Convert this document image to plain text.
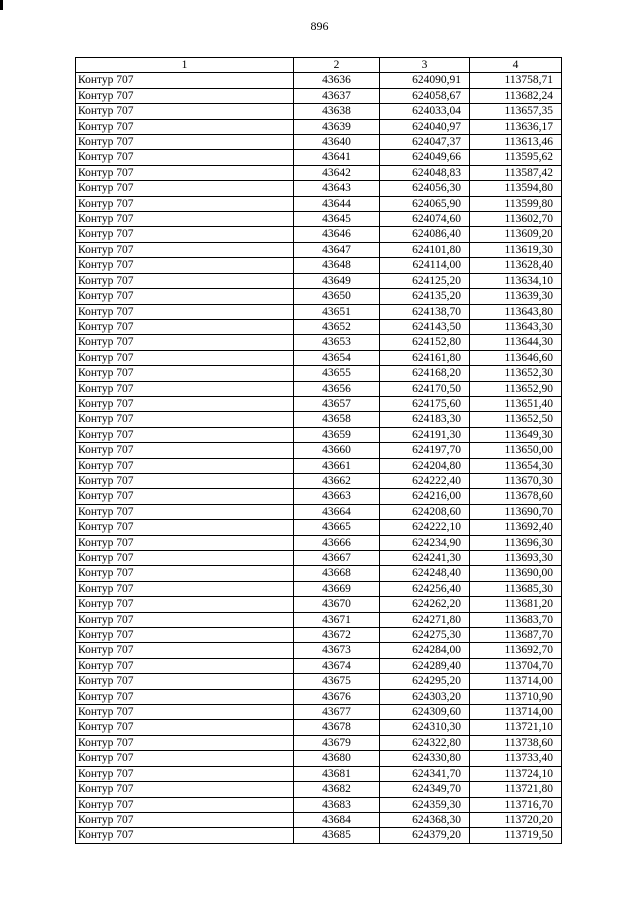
896
1	2	3	4
Контур 707	43636	624090,91	113758,71
Контур 707	43637	624058,67	113682,24
Контур 707	43638	624033,04	113657,35
Контур 707	43639	624040,97	113636,17
Контур 707	43640	624047,37	113613,46
Контур 707	43641	624049,66	113595,62
Контур 707	43642	624048,83	113587,42
Контур 707	43643	624056,30	113594,80
Контур 707	43644	624065,90	113599,80
Контур 707	43645	624074,60	113602,70
Контур 707	43646	624086,40	113609,20
Контур 707	43647	624101,80	113619,30
Контур 707	43648	624114,00	113628,40
Контур 707	43649	624125,20	113634,10
Контур 707	43650	624135,20	113639,30
Контур 707	43651	624138,70	113643,80
Контур 707	43652	624143,50	113643,30
Контур 707	43653	624152,80	113644,30
Контур 707	43654	624161,80	113646,60
Контур 707	43655	624168,20	113652,30
Контур 707	43656	624170,50	113652,90
Контур 707	43657	624175,60	113651,40
Контур 707	43658	624183,30	113652,50
Контур 707	43659	624191,30	113649,30
Контур 707	43660	624197,70	113650,00
Контур 707	43661	624204,80	113654,30
Контур 707	43662	624222,40	113670,30
Контур 707	43663	624216,00	113678,60
Контур 707	43664	624208,60	113690,70
Контур 707	43665	624222,10	113692,40
Контур 707	43666	624234,90	113696,30
Контур 707	43667	624241,30	113693,30
Контур 707	43668	624248,40	113690,00
Контур 707	43669	624256,40	113685,30
Контур 707	43670	624262,20	113681,20
Контур 707	43671	624271,80	113683,70
Контур 707	43672	624275,30	113687,70
Контур 707	43673	624284,00	113692,70
Контур 707	43674	624289,40	113704,70
Контур 707	43675	624295,20	113714,00
Контур 707	43676	624303,20	113710,90
Контур 707	43677	624309,60	113714,00
Контур 707	43678	624310,30	113721,10
Контур 707	43679	624322,80	113738,60
Контур 707	43680	624330,80	113733,40
Контур 707	43681	624341,70	113724,10
Контур 707	43682	624349,70	113721,80
Контур 707	43683	624359,30	113716,70
Контур 707	43684	624368,30	113720,20
Контур 707	43685	624379,20	113719,50
